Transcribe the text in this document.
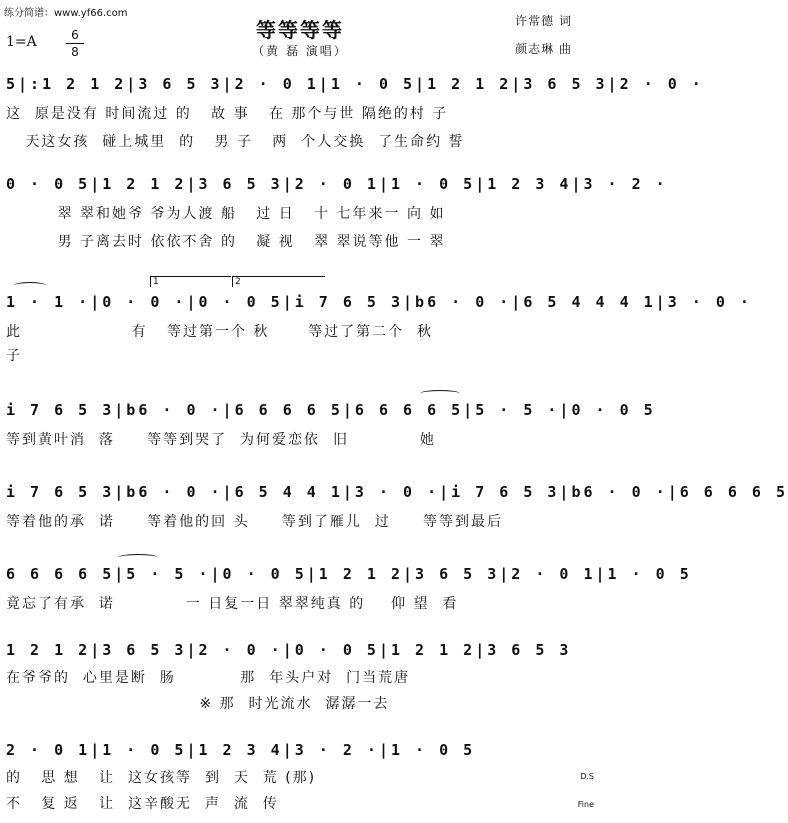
练分简谱：www.yf66.com
等等等等
（黄 磊 演唱）
许常德 词
颜志琳 曲
1=A	6
8
5|:1 2 1 2|3 6 5 3|2 · 0 1|1 · 0 5|1 2 1 2|3 6 5 3|2 · 0 ·
这  原是没有 时间流过 的   故 事   在 那个与世 隔绝的村 子
天这女孩  碰上城里  的   男 子   两  个人交换  了生命约 誓
0 · 0 5|1 2 1 2|3 6 5 3|2 · 0 1|1 · 0 5|1 2 3 4|3 · 2 ·
翠 翠和她爷 爷为人渡 船   过 日   十 七年来一 向 如
男 子离去时 依依不舍 的   凝 视   翠 翠说等他 一 翠
1	2
1 · 1 ·|0 · 0 ·|0 · 0 5|i 7 6 5 3|b6 · 0 ·|6 5 4 4 4 1|3 · 0 ·
此                 有   等过第一个 秋      等过了第二个  秋
子
i 7 6 5 3|b6 · 0 ·|6 6 6 6 5|6 6 6 6 5|5 · 5 ·|0 · 0 5
等到黄叶消  落     等等到哭了  为何爱恋依  旧           她
i 7 6 5 3|b6 · 0 ·|6 5 4 4 1|3 · 0 ·|i 7 6 5 3|b6 · 0 ·|6 6 6 6 5
等着他的承  诺     等着他的回 头     等到了雁儿  过     等等到最后
6 6 6 6 5|5 · 5 ·|0 · 0 5|1 2 1 2|3 6 5 3|2 · 0 1|1 · 0 5
竟忘了有承  诺           一 日复一日 翠翠纯真 的    仰 望  看
1 2 1 2|3 6 5 3|2 · 0 ·|0 · 0 5|1 2 1 2|3 6 5 3
在爷爷的  心里是断  肠          那  年头户对  门当荒唐
※ 那  时光流水  潺潺一去
2 · 0 1|1 · 0 5|1 2 3 4|3 · 2 ·|1 · 0 5
的   思 想   让  这女孩等  到  天  荒 (那)
不   复 返   让  这辛酸无  声  流  传
D.S
Fine
